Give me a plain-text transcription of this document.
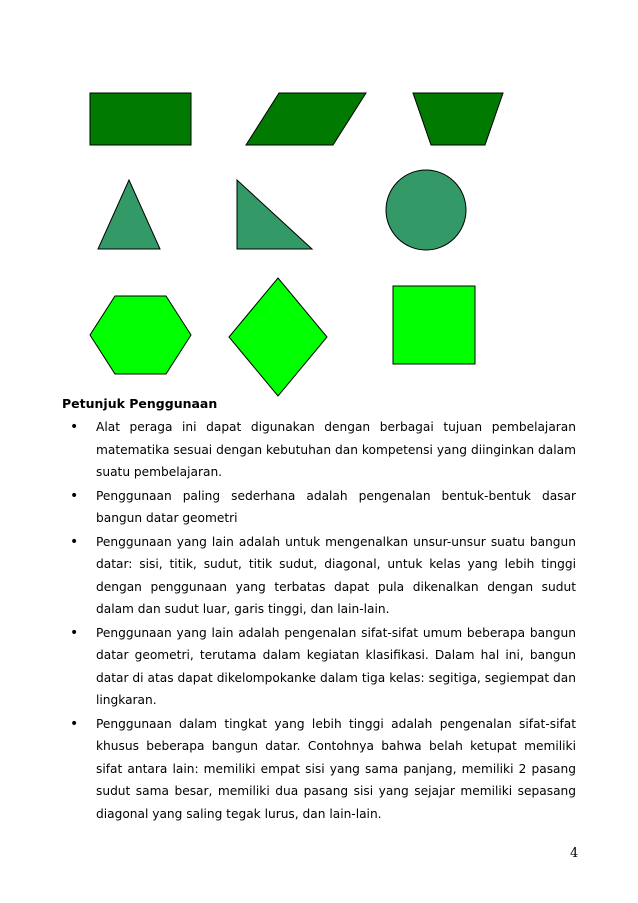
Petunjuk Penggunaan
• Alat peraga ini dapat digunakan dengan berbagai tujuan pembelajaran matematika sesuai dengan kebutuhan dan kompetensi yang diinginkan dalam suatu pembelajaran.
• Penggunaan paling sederhana adalah pengenalan bentuk-bentuk dasar bangun datar geometri
• Penggunaan yang lain adalah untuk mengenalkan unsur-unsur suatu bangun datar: sisi, titik, sudut, titik sudut, diagonal, untuk kelas yang lebih tinggi dengan penggunaan yang terbatas dapat pula dikenalkan dengan sudut dalam dan sudut luar, garis tinggi, dan lain-lain.
• Penggunaan yang lain adalah pengenalan sifat-sifat umum beberapa bangun datar geometri, terutama dalam kegiatan klasifikasi. Dalam hal ini, bangun datar di atas dapat dikelompokanke dalam tiga kelas: segitiga, segiempat dan lingkaran.
• Penggunaan dalam tingkat yang lebih tinggi adalah pengenalan sifat-sifat khusus beberapa bangun datar. Contohnya bahwa belah ketupat memiliki sifat antara lain: memiliki empat sisi yang sama panjang, memiliki 2 pasang sudut sama besar, memiliki dua pasang sisi yang sejajar memiliki sepasang diagonal yang saling tegak lurus, dan lain-lain.
4
